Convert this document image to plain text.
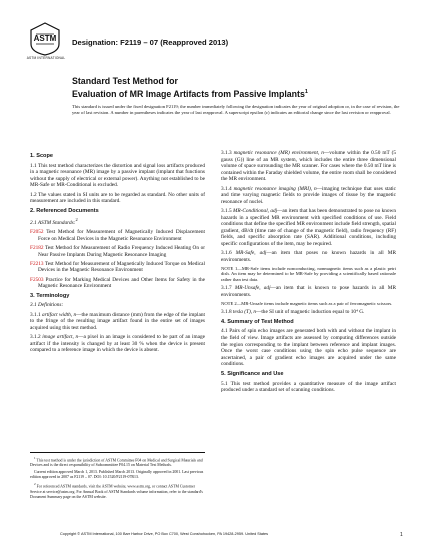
ASTM
ASTM INTERNATIONAL
Designation: F2119 – 07 (Reapproved 2013)
Standard Test Method for
Evaluation of MR Image Artifacts from Passive Implants$^1$
This standard is issued under the fixed designation F2119; the number immediately following the designation indicates the year of original adoption or, in the case of revision, the year of last revision. A number in parentheses indicates the year of last reapproval. A superscript epsilon (ε) indicates an editorial change since the last revision or reapproval.

1. Scope

1.1 This test method characterizes the distortion and signal loss artifacts produced in a magnetic resonance (MR) image by a passive implant (implant that functions without the supply of electrical or external power). Anything not established to be MR-Safe or MR-Conditional is excluded.

1.2 The values stated in SI units are to be regarded as standard. No other units of measurement are included in this standard.

2. Referenced Documents

2.1 ASTM Standards:$^2$

F2052 Test Method for Measurement of Magnetically Induced Displacement Force on Medical Devices in the Magnetic Resonance Environment

F2182 Test Method for Measurement of Radio Frequency Induced Heating On or Near Passive Implants During Magnetic Resonance Imaging

F2213 Test Method for Measurement of Magnetically Induced Torque on Medical Devices in the Magnetic Resonance Environment

F2503 Practice for Marking Medical Devices and Other Items for Safety in the Magnetic Resonance Environment

3. Terminology

3.1 Definitions:

3.1.1 artifact width, n—the maximum distance (mm) from the edge of the implant to the fringe of the resulting image artifact found in the entire set of images acquired using this test method.

3.1.2 image artifact, n—a pixel in an image is considered to be part of an image artifact if the intensity is changed by at least 30 % when the device is present compared to a reference image in which the device is absent.

$^1$ This test method is under the jurisdiction of ASTM Committee F04 on Medical and Surgical Materials and Devices and is the direct responsibility of Subcommittee F04.15 on Material Test Methods.

Current edition approved March 1, 2013. Published March 2013. Originally approved in 2001. Last previous edition approved in 2007 as F2119 – 07. DOI: 10.1520/F2119-07R13.

$^2$ For referenced ASTM standards, visit the ASTM website, www.astm.org, or contact ASTM Customer Service at service@astm.org. For Annual Book of ASTM Standards volume information, refer to the standard's Document Summary page on the ASTM website.

3.1.3 magnetic resonance (MR) environment, n—volume within the 0.50 mT (5 gauss (G)) line of an MR system, which includes the entire three dimensional volume of space surrounding the MR scanner. For cases where the 0.50 mT line is contained within the Faraday shielded volume, the entire room shall be considered the MR environment.

3.1.4 magnetic resonance imaging (MRI), n—imaging technique that uses static and time varying magnetic fields to provide images of tissue by the magnetic resonance of nuclei.

3.1.5 MR-Conditional, adj—an item that has been demonstrated to pose no known hazards in a specified MR environment with specified conditions of use. Field conditions that define the specified MR environment include field strength, spatial gradient, dB/dt (time rate of change of the magnetic field), radio frequency (RF) fields, and specific absorption rate (SAR). Additional conditions, including specific configurations of the item, may be required.

3.1.6 MR-Safe, adj—an item that poses no known hazards in all MR environments.

NOTE 1—MR-Safe items include nonconducting, nonmagnetic items such as a plastic petri dish. An item may be determined to be MR-Safe by providing a scientifically based rationale rather than test data.

3.1.7 MR-Unsafe, adj—an item that is known to pose hazards in all MR environments.

NOTE 2—MR-Unsafe items include magnetic items such as a pair of ferromagnetic scissors.

3.1.8 tesla (T), n—the SI unit of magnetic induction equal to 10⁴ G.

4. Summary of Test Method

4.1 Pairs of spin echo images are generated both with and without the implant in the field of view. Image artifacts are assessed by computing differences outside the region corresponding to the implant between reference and implant images. Once the worst case conditions using the spin echo pulse sequence are ascertained, a pair of gradient echo images are acquired under the same conditions.

5. Significance and Use

5.1 This test method provides a quantitative measure of the image artifact produced under a standard set of scanning conditions.

Copyright © ASTM International, 100 Barr Harbor Drive, PO Box C700, West Conshohocken, PA 19428-2959. United States	1
